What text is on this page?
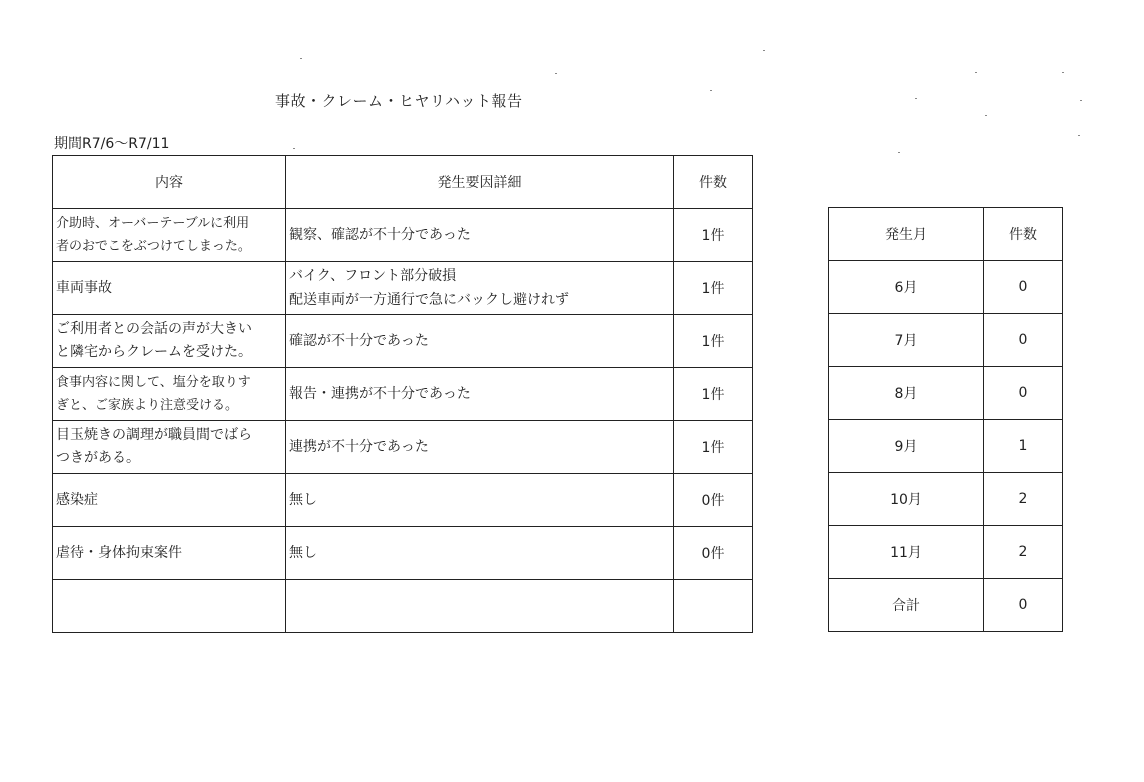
事故・クレーム・ヒヤリハット報告
期間R7/6～R7/11
内容	発生要因詳細	件数

介助時、オーバーテーブルに利用
者のおでこをぶつけてしまった。	観察、確認が不十分であった	1件

車両事故	バイク、フロント部分破損
配送車両が一方通行で急にバックし避けれず	1件

ご利用者との会話の声が大きい
と隣宅からクレームを受けた。	確認が不十分であった	1件

食事内容に関して、塩分を取りす
ぎと、ご家族より注意受ける。	報告・連携が不十分であった	1件

目玉焼きの調理が職員間でばら
つきがある。	連携が不十分であった	1件

感染症	無し	0件

虐待・身体拘束案件	無し	0件

発生月	件数
6月	0
7月	0
8月	0
9月	1
10月	2
11月	2
合計	0
